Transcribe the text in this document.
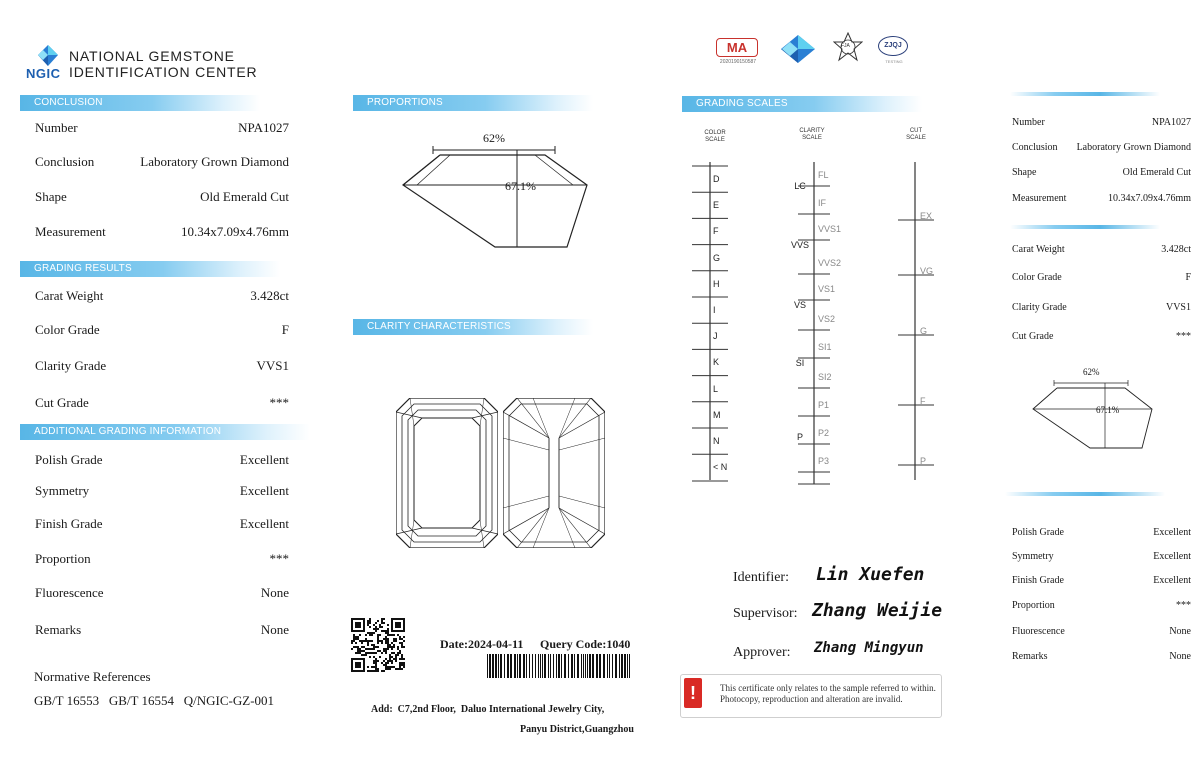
NGIC
NATIONAL GEMSTONE
IDENTIFICATION CENTER
CONCLUSION
Number	NPA1027
Conclusion	Laboratory Grown Diamond
Shape	Old Emerald Cut
Measurement	10.34x7.09x4.76mm
GRADING RESULTS
Carat Weight	3.428ct
Color Grade	F
Clarity Grade	VVS1
Cut Grade	***
ADDITIONAL GRADING INFORMATION
Polish Grade	Excellent
Symmetry	Excellent
Finish Grade	Excellent
Proportion	***
Fluorescence	None
Remarks	None
Normative References
GB/T 16553   GB/T 16554   Q/NGIC-GZ-001
PROPORTIONS
62%
67.1%
CLARITY CHARACTERISTICS
Date:2024-04-11 Query Code:1040
Add:  C7,2nd Floor,  Daluo International Jewelry City,
Panyu District,Guangzhou
MA
2020190150587
FJA	ZJQJ
TESTING
GRADING SCALES
COLOR
SCALE
CLARITY
SCALE
CUT
SCALE
D
E
F
G
H
I
J
K
L
M
N
< N
FL
IF
VVS1
VVS2
VS1
VS2
SI1
SI2
P1
P2
P3
LC
VVS
VS
SI
P
EX
VG
G
F
P
Identifier: Lin Xuefen
Supervisor: Zhang Weijie
Approver: Zhang Mingyun
!	This certificate only relates to the sample referred to within. Photocopy, reproduction and alteration are invalid.
Number	NPA1027
Conclusion Laboratory Grown Diamond
Shape	Old Emerald Cut
Measurement	10.34x7.09x4.76mm
Carat Weight	3.428ct
Color Grade	F
Clarity Grade	VVS1
Cut Grade	***
62%
67.1%
Polish Grade	Excellent
Symmetry	Excellent
Finish Grade	Excellent
Proportion	***
Fluorescence	None
Remarks	None
